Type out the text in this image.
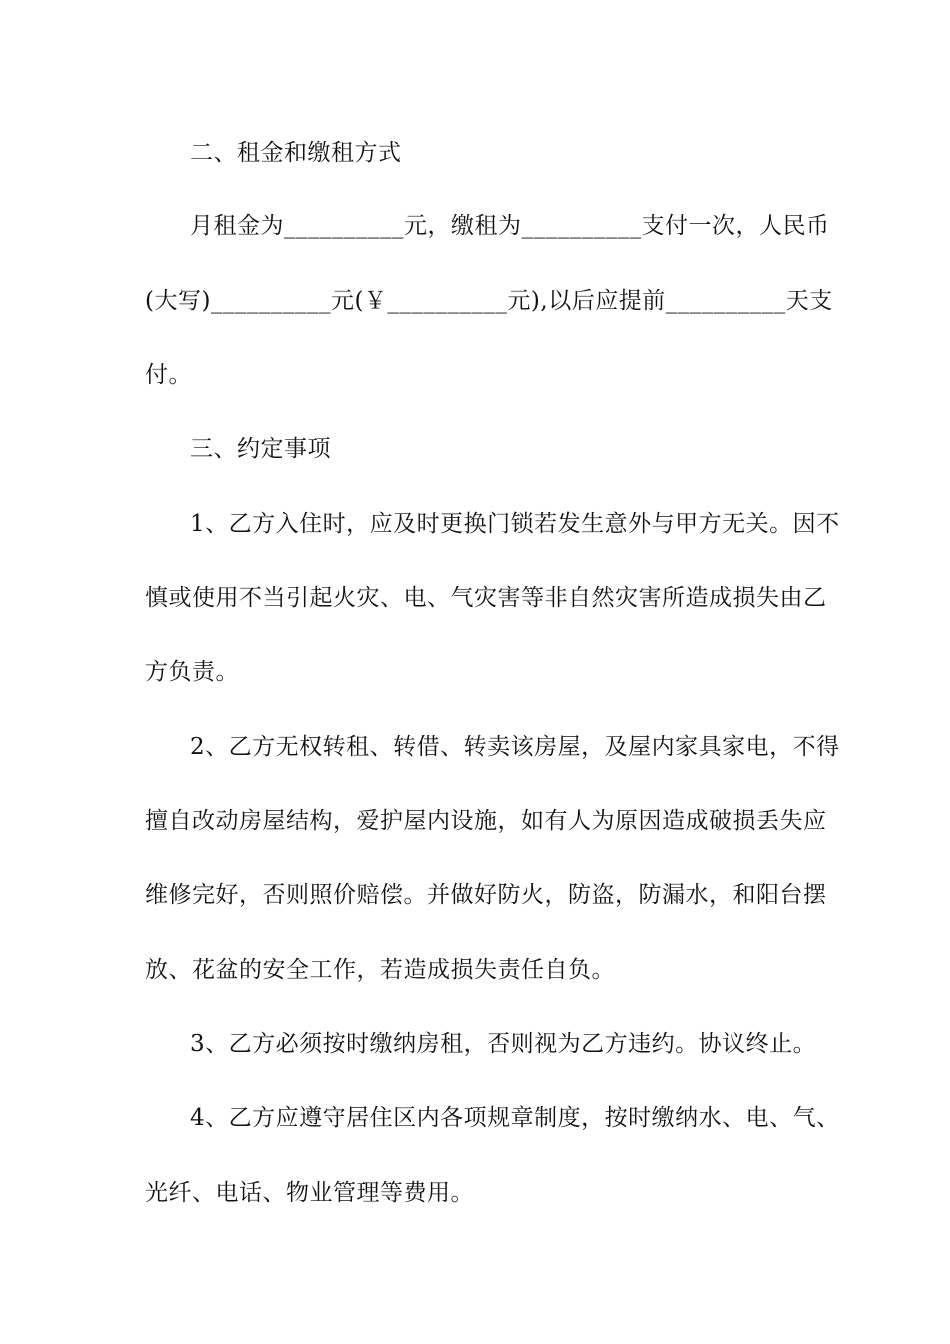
二、租金和缴租方式
月租金为__________元，缴租为__________支付一次，人民币
(大写)__________元(￥__________元),以后应提前__________天支
付。
三、约定事项
1、乙方入住时，应及时更换门锁若发生意外与甲方无关。因不
慎或使用不当引起火灾、电、气灾害等非自然灾害所造成损失由乙
方负责。
2、乙方无权转租、转借、转卖该房屋，及屋内家具家电，不得
擅自改动房屋结构，爱护屋内设施，如有人为原因造成破损丢失应
维修完好，否则照价赔偿。并做好防火，防盗，防漏水，和阳台摆
放、花盆的安全工作，若造成损失责任自负。
3、乙方必须按时缴纳房租，否则视为乙方违约。协议终止。
4、乙方应遵守居住区内各项规章制度，按时缴纳水、电、气、
光纤、电话、物业管理等费用。
